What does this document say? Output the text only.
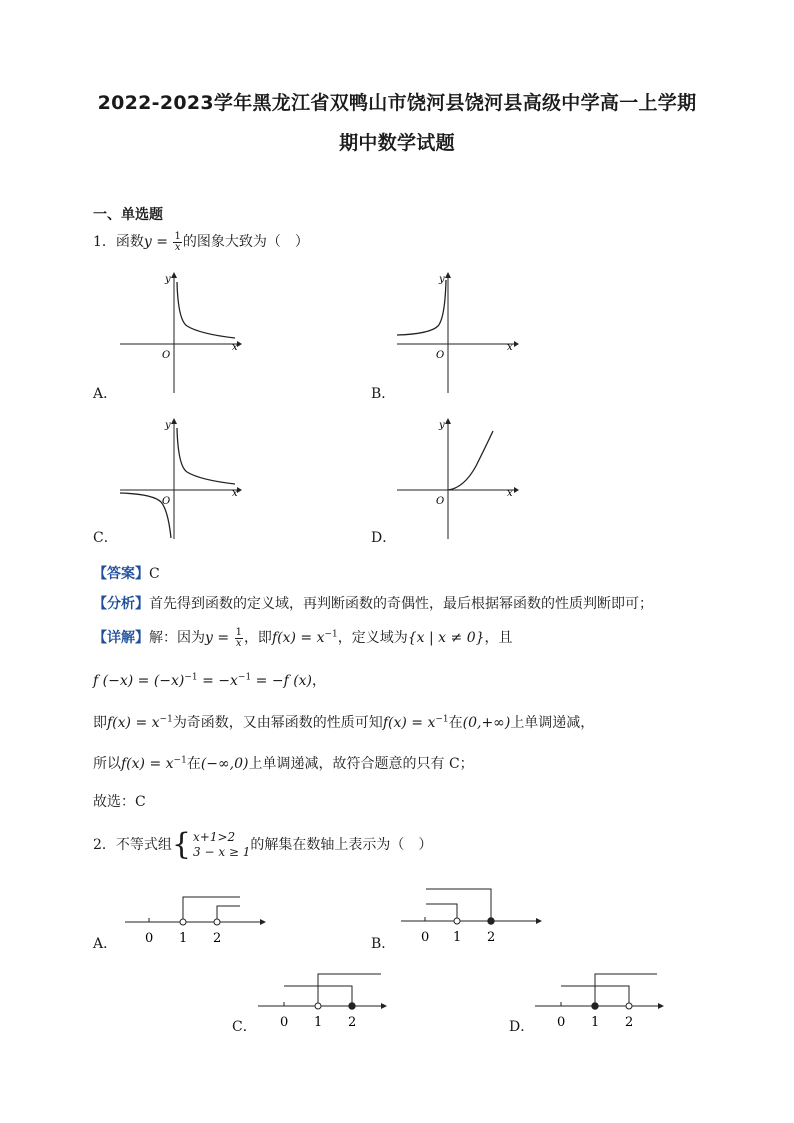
2022-2023学年黑龙江省双鸭山市饶河县饶河县高级中学高一上学期
期中数学试题
一、单选题
1．函数$y = \frac{1}{x}$ 的图象大致为（　）
x
y
O
A．
x
y
O
B．
x
y
O
C．
x
y
O
D．
【答案】C
【分析】首先得到函数的定义域，再判断函数的奇偶性，最后根据幂函数的性质判断即可；
【详解】解：因为$y = \frac{1}{x}$ ，即$f(x) = x^{-1}$，定义域为{x | x ≠ 0}，且
f $(-x) = (-x)^{-1} = -x^{-1} = -f$ (x)，
即$f(x) = x^{-1}$为奇函数，又由幂函数的性质可知$f(x) = x^{-1}$在(0,+∞)上单调递减，
所以$f(x) = x^{-1}$在(−∞,0)上单调递减，故符合题意的只有 C；
故选：C
2．不等式组 { x+1>2
3 − x ≥ 1 的解集在数轴上表示为（　）
0 1 2
A．	0 1 2
B．
0 1 2
C．	0 1 2
D．
